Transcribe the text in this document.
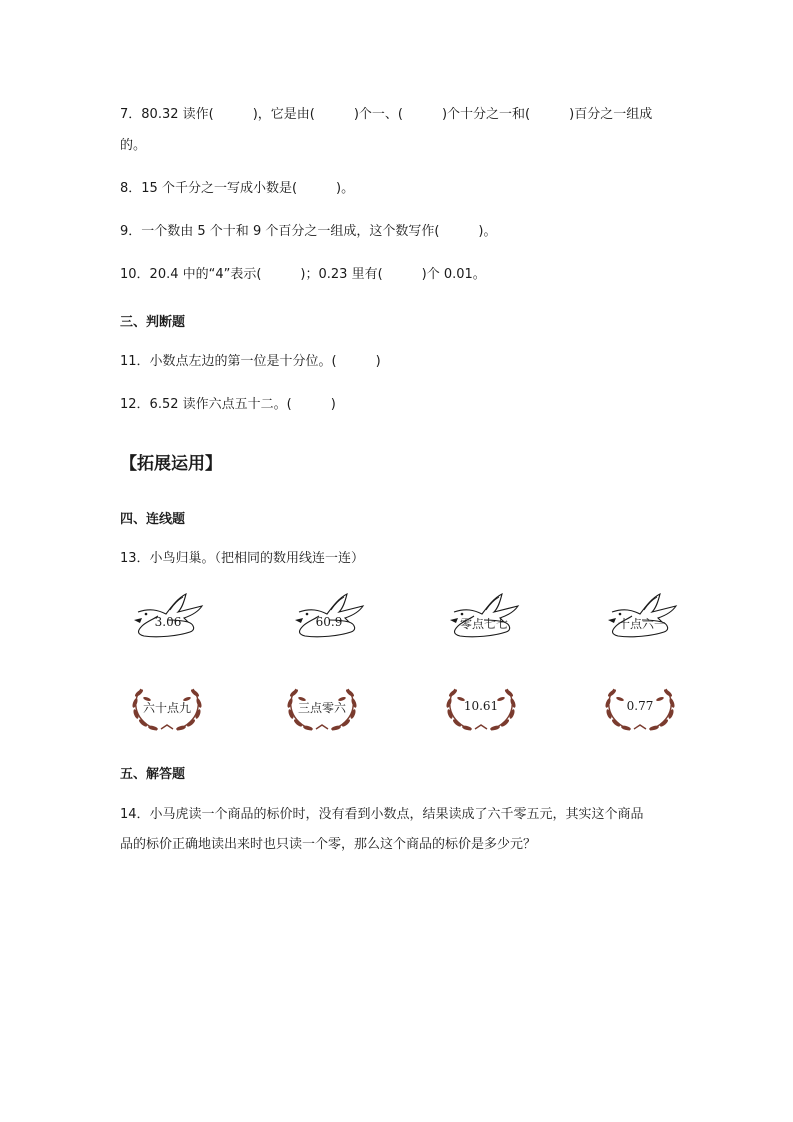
7．80.32 读作(　　　)，它是由(　　　)个一、(　　　)个十分之一和(　　　)百分之一组成
的。
8．15 个千分之一写成小数是(　　　)。
9．一个数由 5 个十和 9 个百分之一组成，这个数写作(　　　)。
10．20.4 中的“4”表示(　　　)；0.23 里有(　　　)个 0.01。
三、判断题
11．小数点左边的第一位是十分位。(　　　)
12．6.52 读作六点五十二。(　　　)
【拓展运用】
四、连线题
13．小鸟归巢。（把相同的数用线连一连）
3.06	60.9	零点七七	十点六一
六十点九	三点零六	10.61	0.77
五、解答题
14．小马虎读一个商品的标价时，没有看到小数点，结果读成了六千零五元，其实这个商品
品的标价正确地读出来时也只读一个零，那么这个商品的标价是多少元？
